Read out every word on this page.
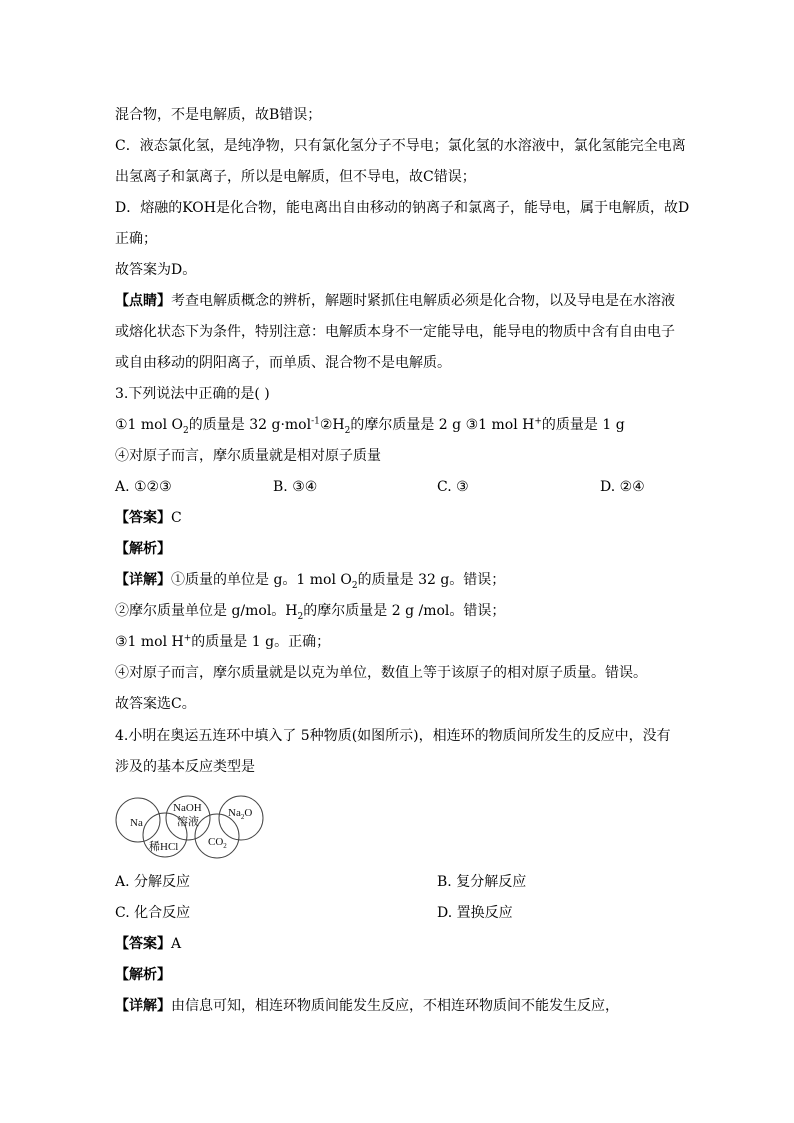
混合物，不是电解质，故B错误；
C．液态氯化氢，是纯净物，只有氯化氢分子不导电；氯化氢的水溶液中，氯化氢能完全电离
出氢离子和氯离子，所以是电解质，但不导电，故C错误；
D．熔融的KOH是化合物，能电离出自由移动的钠离子和氯离子，能导电，属于电解质，故D
正确；
故答案为D。
【点睛】考查电解质概念的辨析，解题时紧抓住电解质必须是化合物，以及导电是在水溶液
或熔化状态下为条件，特别注意：电解质本身不一定能导电，能导电的物质中含有自由电子
或自由移动的阴阳离子，而单质、混合物不是电解质。
3.下列说法中正确的是( )
①1 mol $O_2$的质量是 32 $g\cdot mol^{-1}②H_2$的摩尔质量是 2 g ③1 mol H+的质量是 1 g
④对原子而言，摩尔质量就是相对原子质量
A. ①②③	B. ③④	C. ③	D. ②④
【答案】C
【解析】
【详解】①质量的单位是 g。1 mol $O_2$的质量是 32 g。错误；
②摩尔质量单位是 g/mol。$H_2$的摩尔质量是 2 g /mol。错误；
③1 mol H+的质量是 1 g。正确；
④对原子而言，摩尔质量就是以克为单位，数值上等于该原子的相对原子质量。错误。
故答案选C。
4.小明在奥运五连环中填入了 5种物质(如图所示)，相连环的物质间所发生的反应中，没有
涉及的基本反应类型是
Na
NaOH
溶液
$Na_2O$
稀HCl	$CO_2$
A. 分解反应	B. 复分解反应
C. 化合反应	D. 置换反应
【答案】A
【解析】
【详解】由信息可知，相连环物质间能发生反应，不相连环物质间不能发生反应，
